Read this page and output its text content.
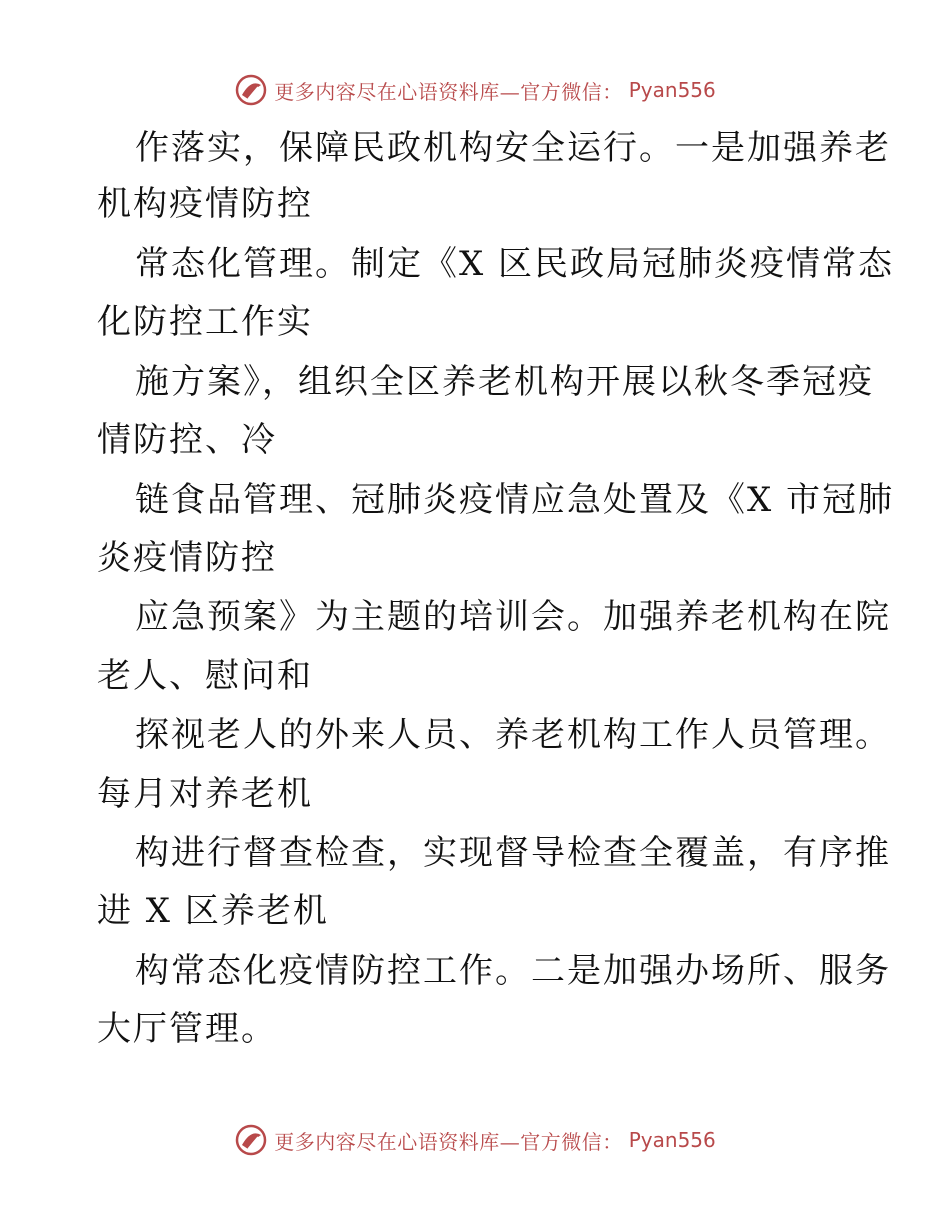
更多内容尽在心语资料库—官方微信： Pyan556
作落实，保障民政机构安全运行。一是加强养老
机构疫情防控
常态化管理。制定《X 区民政局冠肺炎疫情常态
化防控工作实
施方案》，组织全区养老机构开展以秋冬季冠疫
情防控、冷
链食品管理、冠肺炎疫情应急处置及《X 市冠肺
炎疫情防控
应急预案》为主题的培训会。加强养老机构在院
老人、慰问和
探视老人的外来人员、养老机构工作人员管理。
每月对养老机
构进行督查检查，实现督导检查全覆盖，有序推
进 X 区养老机
构常态化疫情防控工作。二是加强办场所、服务
大厅管理。
更多内容尽在心语资料库—官方微信： Pyan556
